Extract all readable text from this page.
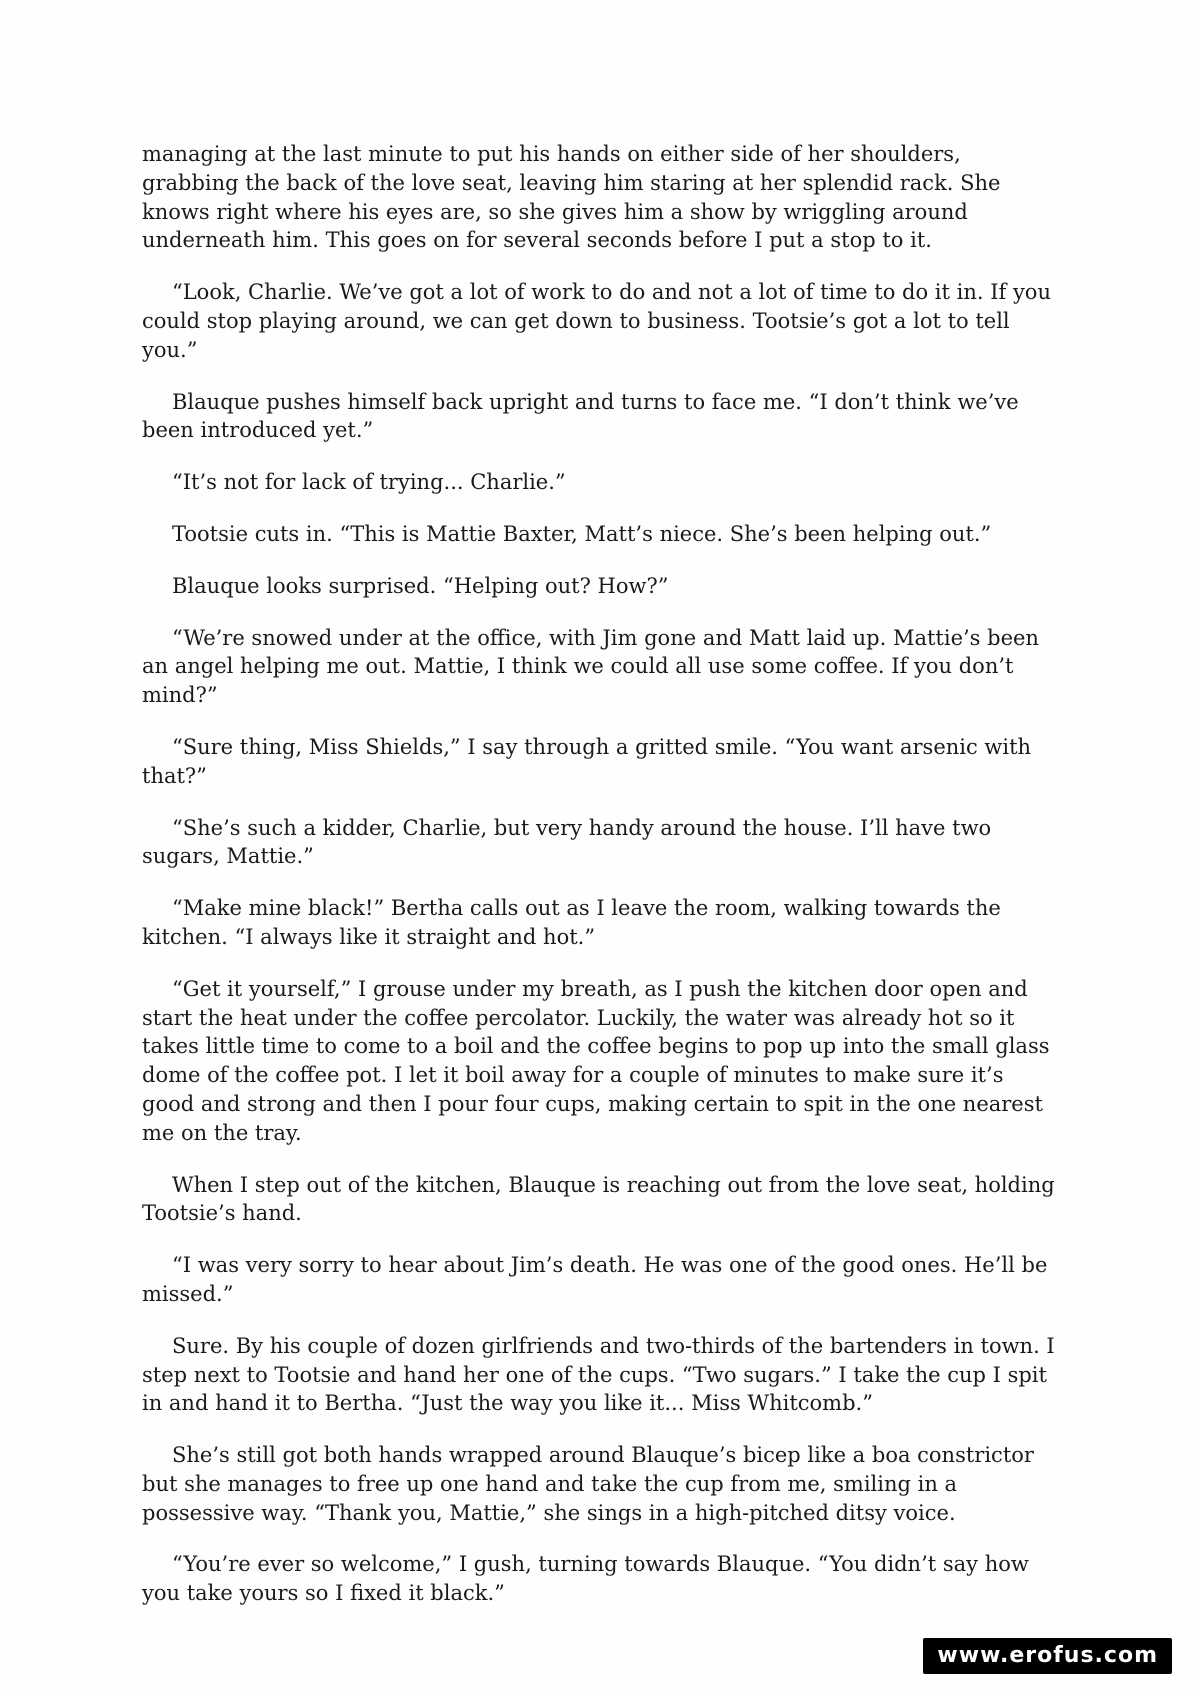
managing at the last minute to put his hands on either side of her shoulders, grabbing the back of the love seat, leaving him staring at her splendid rack. She knows right where his eyes are, so she gives him a show by wriggling around underneath him. This goes on for several seconds before I put a stop to it.

“Look, Charlie. We’ve got a lot of work to do and not a lot of time to do it in. If you could stop playing around, we can get down to business. Tootsie’s got a lot to tell you.”

Blauque pushes himself back upright and turns to face me. “I don’t think we’ve been introduced yet.”

“It’s not for lack of trying... Charlie.”

Tootsie cuts in. “This is Mattie Baxter, Matt’s niece. She’s been helping out.”

Blauque looks surprised. “Helping out? How?”

“We’re snowed under at the office, with Jim gone and Matt laid up. Mattie’s been an angel helping me out. Mattie, I think we could all use some coffee. If you don’t mind?”

“Sure thing, Miss Shields,” I say through a gritted smile. “You want arsenic with that?”

“She’s such a kidder, Charlie, but very handy around the house. I’ll have two sugars, Mattie.”

“Make mine black!” Bertha calls out as I leave the room, walking towards the kitchen. “I always like it straight and hot.”

“Get it yourself,” I grouse under my breath, as I push the kitchen door open and start the heat under the coffee percolator. Luckily, the water was already hot so it takes little time to come to a boil and the coffee begins to pop up into the small glass dome of the coffee pot. I let it boil away for a couple of minutes to make sure it’s good and strong and then I pour four cups, making certain to spit in the one nearest me on the tray.

When I step out of the kitchen, Blauque is reaching out from the love seat, holding Tootsie’s hand.

“I was very sorry to hear about Jim’s death. He was one of the good ones. He’ll be missed.”

Sure. By his couple of dozen girlfriends and two-thirds of the bartenders in town. I step next to Tootsie and hand her one of the cups. “Two sugars.” I take the cup I spit in and hand it to Bertha. “Just the way you like it... Miss Whitcomb.”

She’s still got both hands wrapped around Blauque’s bicep like a boa constrictor but she manages to free up one hand and take the cup from me, smiling in a possessive way. “Thank you, Mattie,” she sings in a high-pitched ditsy voice.

“You’re ever so welcome,” I gush, turning towards Blauque. “You didn’t say how you take yours so I fixed it black.”

www.erofus.com
